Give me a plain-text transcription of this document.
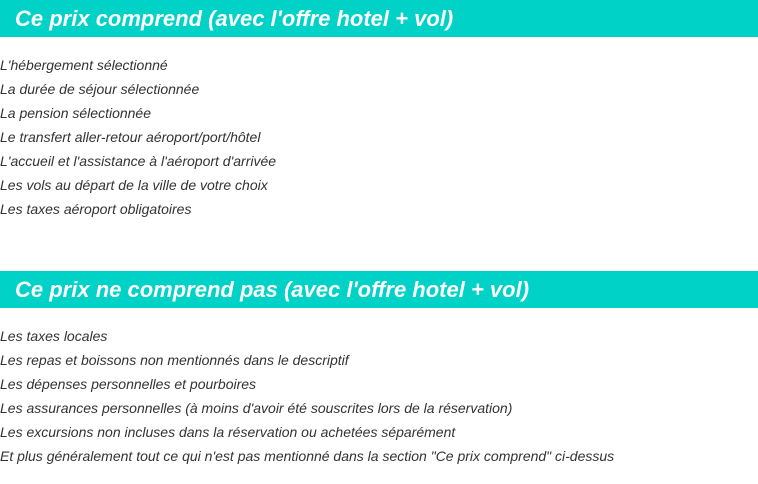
Ce prix comprend (avec l'offre hotel + vol)
L'hébergement sélectionné
La durée de séjour sélectionnée
La pension sélectionnée
Le transfert aller-retour aéroport/port/hôtel
L'accueil et l'assistance à l'aéroport d'arrivée
Les vols au départ de la ville de votre choix
Les taxes aéroport obligatoires
Ce prix ne comprend pas (avec l'offre hotel + vol)
Les taxes locales
Les repas et boissons non mentionnés dans le descriptif
Les dépenses personnelles et pourboires
Les assurances personnelles (à moins d'avoir été souscrites lors de la réservation)
Les excursions non incluses dans la réservation ou achetées séparément
Et plus généralement tout ce qui n'est pas mentionné dans la section "Ce prix comprend" ci-dessus
